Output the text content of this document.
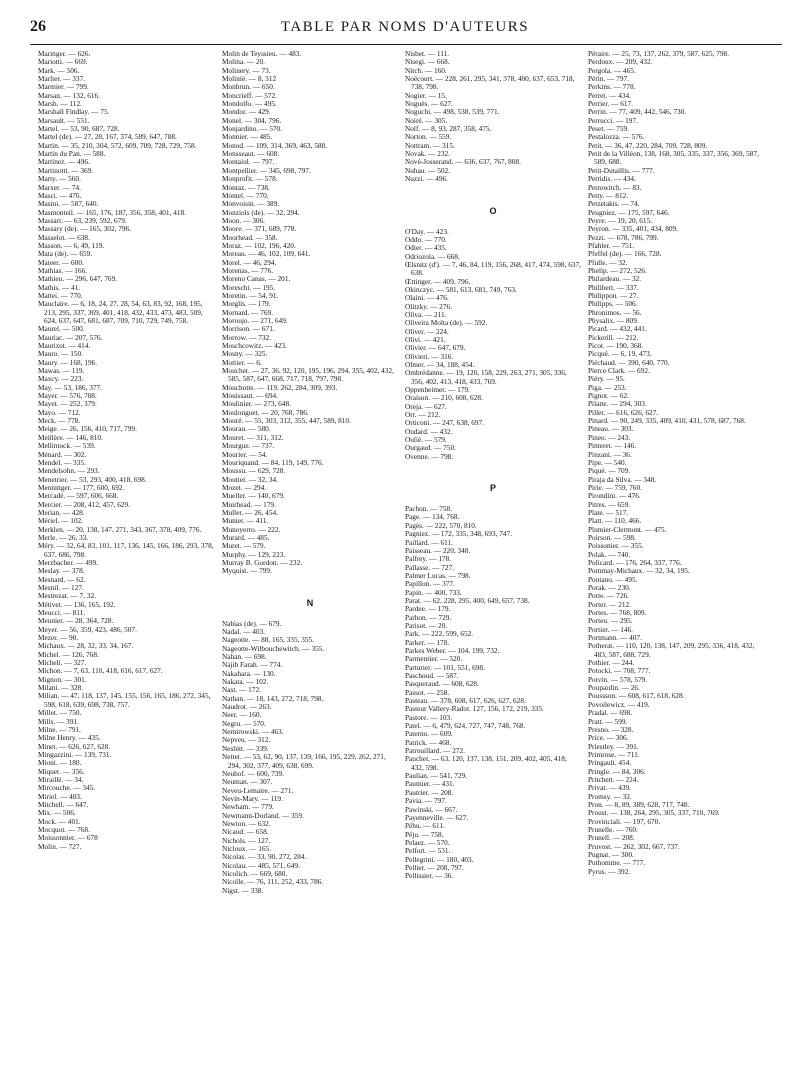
26	TABLE PAR NOMS D'AUTEURS
Maringer. — 626.
Mariotti. — 669.
Mark. — 506.
Marlier. — 337.
Marmier. — 799.
Marsan. — 132, 616.
Marsh. — 112.
Marshall Findlay. — 75.
Marsault. — 551.
Martel. — 53, 90, 687, 728.
Martel (de). — 27, 28, 167, 374, 589, 647, 788.
Martin. — 35, 210, 304, 572, 609, 709, 728, 729, 758.
Martin du Pan. — 588.
Martinez. — 496.
Martinotti. — 369.
Marty. — 560.
Marxer. — 74.
Masci. — 476.
Masini. — 587, 640.
Masmonteil. — 165, 176, 187, 356, 358, 401, 418.
Massart. — 63, 239, 592, 679.
Massary (de). — 165, 302, 796.
Masselot. — 638.
Masson. — 6, 49, 119.
Mata (de). — 659.
Mateer. — 600.
Mathias. — 166.
Mathieu. — 296, 647, 769.
Mathis. — 41.
Mattei. — 770.
Mauclaire. — 6, 18, 24, 27, 28, 54, 63, 83, 92, 168, 195, 213, 295, 337, 369, 401, 418, 432, 433, 473, 483, 509, 624, 637, 647, 681, 687, 709, 710, 729, 749, 758.
Maurel. — 500.
Mauriac. — 207, 576.
Maurizot. — 414.
Mauro. — 150.
Maury. — 168, 196.
Mawas. — 119.
Maxcy. — 223.
May. — 53, 186, 377.
Mayer. — 576, 708.
Mayet. — 252, 379.
Mayo. — 712.
Meck. — 778.
Meige. — 26, 156, 410, 717, 799.
Meillère. — 146, 810.
Mellintock. — 539.
Ménard. — 302.
Mendel. — 335.
Mendelsohn. — 293.
Menetrier. — 53, 293, 400, 418, 698.
Menninger. — 177, 600, 692.
Mercadé. — 597, 606, 668.
Mercier. — 208, 412, 457, 629.
Merian. — 428.
Mériel. — 102.
Merklen. — 20, 138, 147, 271, 343, 367, 378, 409, 776.
Merle. — 26, 33.
Méry. — 32, 64, 83, 101, 117, 136, 145, 166, 186, 293, 378, 637, 686, 798.
Merzbacher. — 499.
Meslay. — 378.
Mesnard. — 62.
Mesnil. — 127.
Mestrezat. — 7, 32.
Métivet. — 136, 165, 192.
Meucci. — 811.
Meunier. — 28, 364, 728.
Meyer. — 56, 359, 423, 486, 507.
Mezer. — 90.
Michaux. — 28, 32, 33, 34, 167.
Michel. — 126, 768.
Micheli. — 327.
Michon. — 7, 63, 110, 418, 616, 617, 627.
Mignon. — 301.
Milani. — 328.
Milian. — 47, 118, 137, 145, 155, 156, 165, 186, 272, 345, 598, 618, 639, 698, 738, 757.
Millet. — 750.
Mills. — 391.
Milne. — 791.
Milne Henry. — 435.
Minet. — 626, 627, 628.
Mingazzini. — 139, 731.
Mioni. — 180.
Miquet. — 356.
Miraillé. — 34.
Mircouche. — 345.
Miriel. — 403.
Mitchell. — 647.
Mix. — 506.
Mock. — 401.
Mocquot. — 768.
Moissonnier. — 678
Molin. — 727.
Molin de Teyssieu. — 483.
Molina. — 20.
Molinery. — 73.
Molinié. — 8, 312
Monbrun. — 650.
Moncrieff. — 572.
Mondolfo. — 495.
Mondor. — 429.
Monel. — 304, 796.
Monjardino. — 570.
Monnier. — 485.
Monod. — 109, 314, 369, 463, 588.
Monsseaut. — 608.
Montaiul. — 797.
Montpellier. — 345, 698, 797.
Monprofit. — 578.
Montaz. — 738.
Montel. — 770.
Monvoisin. — 389.
Monziols (de). — 32, 294.
Moon. — 306.
Moore. — 371, 689, 778.
Moorhead. — 358.
Moraz. — 102, 196, 420.
Moreau. — 46, 102, 109, 641.
Morel. — 46, 294.
Morenas. — 776.
Moreno Canas. — 201.
Moreschi. — 195.
Moretin. — 54, 91.
Morglis. — 179.
Mornard. — 769.
Moroujo. — 271, 649.
Morrison. — 671.
Morrow. — 732.
Moschcowitz. — 423.
Mosny. — 325.
Mottier. — 6.
Mouchet. — 27, 36, 92, 120, 195, 196, 294, 355, 402, 432, 585, 587, 647, 668, 717, 718, 797, 798.
Mouchotte. — 119, 262, 284, 309, 393.
Mouissaut. — 694.
Moulinier. — 273, 648.
Moulonguet. — 20, 768, 786.
Mouré. — 55, 303, 312, 355, 447, 589, 810.
Mourau. — 580.
Mouret. — 311, 312.
Mourgue. — 737.
Mourier. — 54.
Mouriquand. — 84, 119, 149, 776.
Moussu. — 629, 728.
Moutier. — 32, 34.
Mozet. — 294.
Mueller. — 140, 679.
Muirhead. — 179.
Muller. — 26, 454.
Munier. — 411.
Munoyerro. — 222.
Murard. — 485.
Muret. — 579.
Murphy. — 129, 223.
Murray B. Gordon. — 232.
Myquist. — 799.
N
Nabias (de). — 679.
Nadal. — 403.
Nageotte. — 88, 165, 335, 355.
Nageotte-Wilbouchewitch. — 355.
Nahan. — 698.
Najib Farah. — 774.
Nakahara. — 130.
Nakata. — 102.
Nast. — 172.
Nathan. — 18, 143, 272, 718, 798.
Naudrot. — 263.
Neer. — 160.
Negru. — 570.
Nemirowski. — 463.
Nepveu. — 312.
Nesbitt. — 339.
Netter. — 53, 62, 90, 137, 139, 166, 195, 229, 262, 271, 294, 302, 377, 409, 638, 699.
Neuhof. — 600, 739.
Neuman. — 307.
Neveu-Lemaire. — 271.
Nevin-Mary. — 119.
Newham. — 779.
Newmann-Dorland. — 359.
Newton. — 632.
Nicaud. — 658.
Nichols. — 127.
Nicloux. — 165.
Nicolas. — 33, 90, 272, 284.
Nicolau. — 485, 571, 649.
Nicolich. — 669, 680.
Nicolle. — 76, 111, 252, 433, 786.
Nigst. — 338.
Nisbet. — 111.
Nisegi. — 668.
Nitch. — 160.
Noëcourt. — 228, 261, 295, 341, 378, 400, 637, 653, 718, 738, 798.
Nogier. — 15.
Noguès. — 627.
Noguchi. — 498, 538, 539, 771.
Noiré. — 305.
Nolf. — 8, 93, 287, 358, 475.
Norton. — 559.
Nottram. — 315.
Novak. — 232.
Nové-Josserand. — 636, 637, 767, 808.
Nuhau. — 502.
Nuzzi. — 496.
O
O'Day. — 423.
Oddo. — 770.
Odier. — 435.
Odriozola. — 668.
Œlsnitz (d'). — 7, 46, 84, 119, 156, 268, 417, 474, 598, 637, 638.
Œttinger. — 409, 796.
Okinczyc. — 581, 613, 681, 749, 763.
Olaini. — 476.
Olitzky. — 276.
Oliva. — 211.
Oliveira Molta (de). — 592.
Oliver. — 224.
Olivi. — 421.
Olivier. — 647, 679.
Olivieri. — 316.
Olmer. — 34, 188, 454.
Ombrédanne. — 19, 120, 158, 229, 263, 271, 305, 336, 356, 402, 413, 418, 433, 769.
Oppenheimer. — 179.
Oraison. — 210, 608, 628.
Oreja. — 627.
Orr. — 212.
Orticoni. — 247, 638, 697.
Oudard. — 432.
Oulié. — 579.
Ourgaud. — 750.
Ovenne. — 798.
P
Pachon. — 758.
Page. — 134, 768.
Pagès. — 222, 570, 810.
Pagniez. — 172, 335, 348, 693, 747.
Paillard. — 611.
Paisseau. — 220, 348.
Palfrey. — 178.
Pallasse. — 727.
Palmer Lucas. — 798.
Papillon. — 377.
Papin. — 400, 733.
Parat. — 62, 228, 295, 400, 649, 657, 738.
Pardee. — 179.
Parhon. — 729.
Parisot. — 20.
Park. — 222, 599, 652.
Parker. — 178.
Parkes Weber. — 104, 199, 732.
Parmentier. — 520.
Parturier. — 101, 551, 698.
Paschoud. — 587.
Pasqueraud. — 608, 628.
Passot. — 258.
Pasteau. — 378, 608, 617, 626, 627, 628.
Pasteur Vallery-Radot. 127, 156, 172, 219, 335.
Pastore. — 103.
Patel. — 6, 479, 624, 727, 747, 748, 768.
Paterno. — 609.
Patrick. — 468.
Patrouillard. — 272.
Pauchet. — 63, 120, 137, 138, 151, 209, 402, 405, 418, 432, 598.
Paulian. — 541, 729.
Paumier. — 431.
Pautrier. — 208.
Pavia. — 797.
Pawinski. — 667.
Payenneville. — 627.
Péhu. — 611.
Péju. — 758.
Pelaez. — 570.
Pelfort. — 531.
Pellegrini. — 180, 403.
Pellier. — 208, 797.
Pellissier. — 36.
Péraire. — 25, 73, 137, 262, 379, 587, 625, 798.
Perdoux. — 209, 432.
Pergola. — 465.
Périn. — 797.
Perkins. — 778.
Perret. — 434.
Perrier. — 617.
Perrin. — 77, 409, 442, 546, 730.
Perrucci. — 197.
Peset. — 759.
Pestalozza. — 576.
Petit. — 36, 47, 220, 284, 709, 728, 809.
Petit de la Villéon, 138, 168, 305, 335, 337, 356, 369, 587, 589, 688.
Petit-Dutaillis. — 777.
Petridis. — 434.
Petrowitch. — 83.
Petty. — 812.
Petzetakis. — 74.
Peugniez. — 175, 597, 646.
Peyre. — 19, 20, 615.
Peyron. — 335, 401, 434, 809.
Pezzi. — 678, 786, 799.
Pfahler. — 751.
Pfeffel (de). — 166, 728.
Pfulle. — 32.
Phelip. — 272, 526.
Philardeau. — 32.
Philibert. — 337.
Philippon. — 27.
Philipps. — 506.
Phronimos. — 56.
Physalix. — 809.
Picard. — 432, 441.
Pickerill. — 212.
Picot. — 190, 368.
Picqué. — 6, 19, 473.
Piéchaud. — 390, 640, 770.
Pierce Clark. — 692.
Piéry. — 95.
Piga. — 253.
Pignot. — 62.
Pilatte. — 294, 303.
Pillet. — 616, 626, 627.
Pinard. — 90, 249, 335, 409, 410, 431, 578, 687, 768.
Pineau. — 303.
Pineo. — 243.
Pinteret. — 146.
Pinzani. — 36.
Pipe. — 540.
Piqué. — 709.
Piraja da Silva. — 348.
Pirie. — 759, 760.
Pirondini. — 476.
Pitres. — 659.
Plate. — 517.
Platt. — 110, 466.
Plumier-Clermont. — 475.
Poirson. — 598.
Poissonier. — 355.
Polak. — 740.
Policard. — 176, 264, 337, 776.
Pommay-Michaux. — 32, 34, 195.
Pontano. — 495.
Porak. — 230.
Porte. — 726.
Porter. — 212.
Portes. — 768, 809.
Porteu. — 295.
Portier. — 146.
Portmann. — 407.
Potherat. — 110, 120, 138, 147, 209, 295, 336, 418, 432, 483, 587, 688, 729.
Pothier. — 244.
Potocki. — 708, 777.
Potvin. — 578, 579.
Poupardin. — 26.
Poussson. — 608, 617, 618, 628.
Povoilewicz. — 419.
Pradal. — 698.
Pratt. — 599.
Presno. — 328.
Price. — 306.
Priestley. — 391.
Primrose. — 711.
Pringault. 454.
Pringle. — 84, 306.
Pritchett. — 224.
Privat. — 439.
Promsy. — 32.
Pron. — 8, 89, 389, 628, 717, 748.
Proust. — 138, 264, 295, 305, 337, 710, 769.
Provinciali. — 197, 670.
Prunelle. — 760.
Prunell. — 208.
Pruvost. — 262, 302, 667, 737.
Pugnat. — 300.
Puthomme. — 777.
Pyrus. — 392.
